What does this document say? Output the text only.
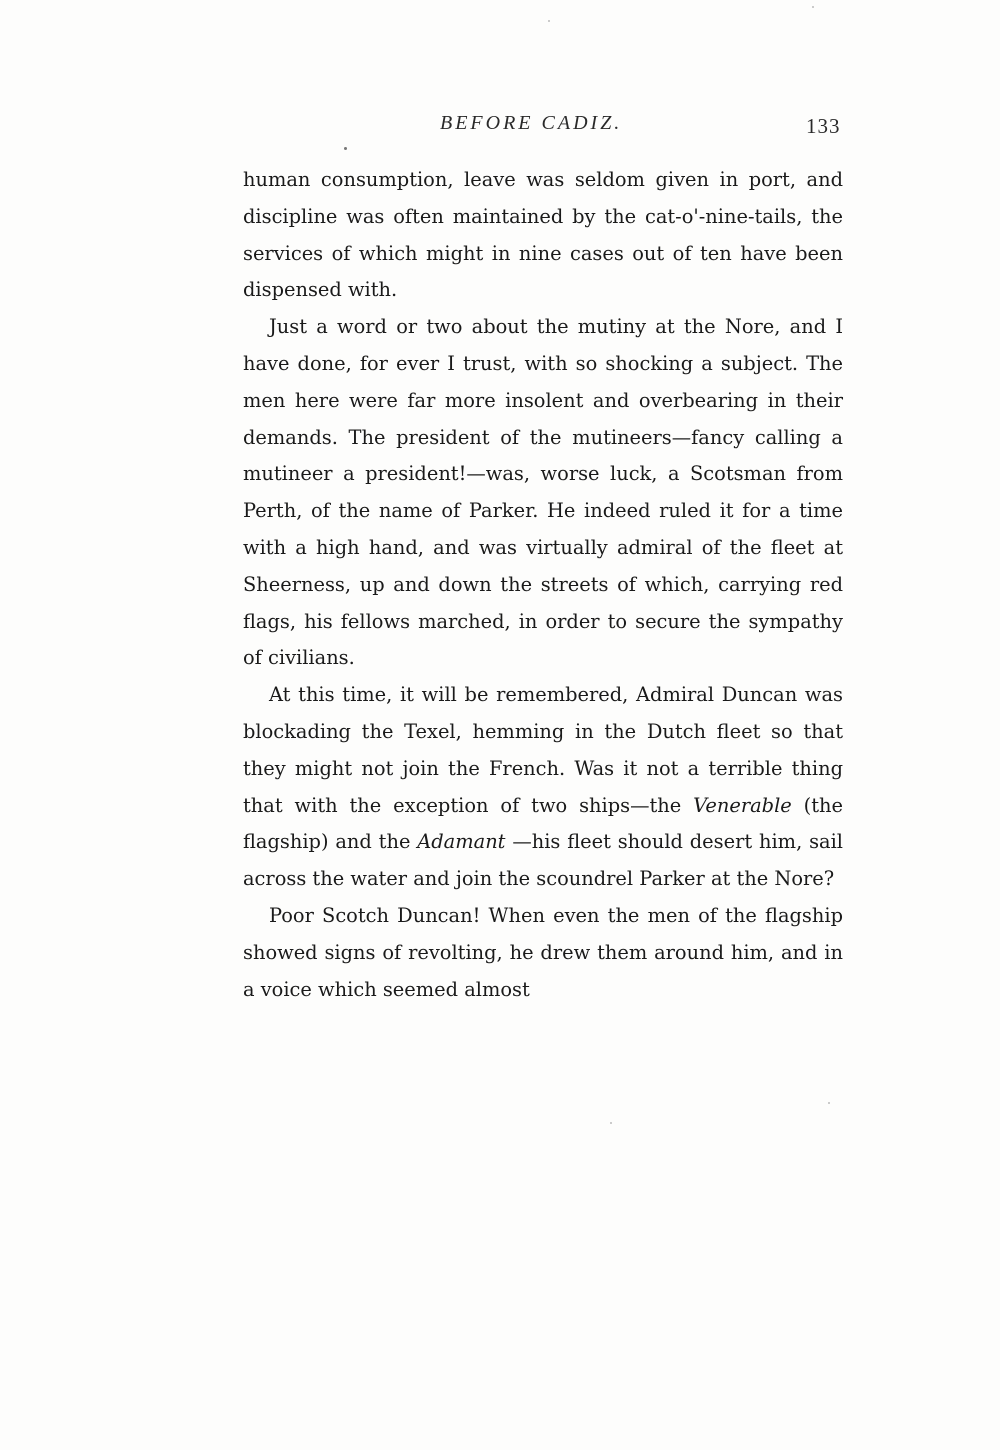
BEFORE CADIZ.	133

human consumption, leave was seldom given in port, and discipline was often maintained by the cat-o'-nine-tails, the services of which might in nine cases out of ten have been dispensed with.

Just a word or two about the mutiny at the Nore, and I have done, for ever I trust, with so shocking a subject. The men here were far more insolent and overbearing in their demands. The president of the mutineers—fancy calling a mutineer a president!—was, worse luck, a Scotsman from Perth, of the name of Parker. He indeed ruled it for a time with a high hand, and was virtually admiral of the fleet at Sheerness, up and down the streets of which, carrying red flags, his fellows marched, in order to secure the sympathy of civilians.

At this time, it will be remembered, Admiral Duncan was blockading the Texel, hemming in the Dutch fleet so that they might not join the French. Was it not a terrible thing that with the exception of two ships—the Venerable (the flagship) and the Adamant —his fleet should desert him, sail across the water and join the scoundrel Parker at the Nore?

Poor Scotch Duncan! When even the men of the flagship showed signs of revolting, he drew them around him, and in a voice which seemed almost
